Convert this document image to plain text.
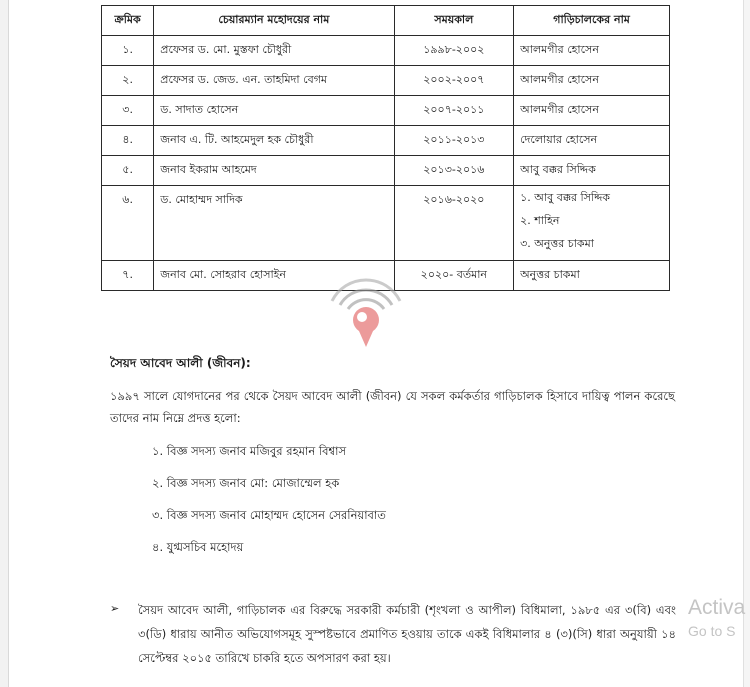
ক্রমিক	চেয়ারম্যান মহোদয়ের নাম	সময়কাল	গাড়িচালকের নাম
১.	প্রফেসর ড. মো. মুস্তফা চৌধুরী	১৯৯৮-২০০২	আলমগীর হোসেন
২.	প্রফেসর ড. জেড. এন. তাহমিদা বেগম	২০০২-২০০৭	আলমগীর হোসেন
৩.	ড. সাদাত হোসেন	২০০৭-২০১১	আলমগীর হোসেন
৪.	জনাব এ. টি. আহমেদুল হক চৌধুরী	২০১১-২০১৩	দেলোয়ার হোসেন
৫.	জনাব ইকরাম আহমেদ	২০১৩-২০১৬	আবু বক্কর সিদ্দিক
৬.	ড. মোহাম্মদ সাদিক	২০১৬-২০২০	১. আবু বক্কর সিদ্দিক
২. শাহিন
৩. অনুত্তর চাকমা

৭.	জনাব মো. সোহরাব হোসাইন	২০২০- বর্তমান	অনুত্তর চাকমা
সৈয়দ আবেদ আলী (জীবন):
১৯৯৭ সালে যোগদানের পর থেকে সৈয়দ আবেদ আলী (জীবন) যে সকল কর্মকর্তার গাড়িচালক হিসাবে দায়িত্ব পালন করেছে তাদের নাম নিম্নে প্রদত্ত হলো:
১. বিজ্ঞ সদস্য জনাব মজিবুর রহমান বিশ্বাস
২. বিজ্ঞ সদস্য জনাব মো: মোজাম্মেল হক
৩. বিজ্ঞ সদস্য জনাব মোহাম্মদ হোসেন সেরনিয়াবাত
৪. যুগ্মসচিব মহোদয়
➢ সৈয়দ আবেদ আলী, গাড়িচালক এর বিরুদ্ধে সরকারী কর্মচারী (শৃংখলা ও আপীল) বিধিমালা, ১৯৮৫ এর ৩(বি) এবং ৩(ডি) ধারায় আনীত অভিযোগসমূহ সুস্পষ্টভাবে প্রমাণিত হওয়ায় তাকে একই বিধিমালার ৪ (৩)(সি) ধারা অনুযায়ী ১৪ সেপ্টেম্বর ২০১৫ তারিখে চাকরি হতে অপসারণ করা হয়।
Activa
Go to S
